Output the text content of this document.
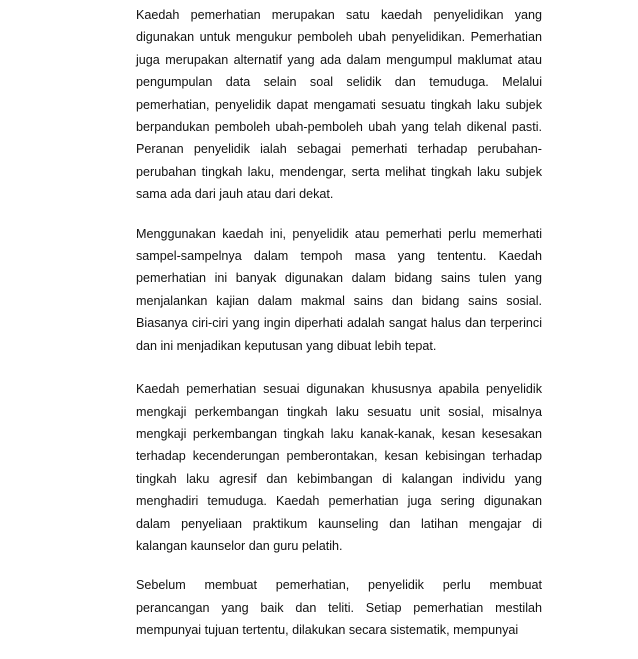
Kaedah pemerhatian merupakan satu kaedah penyelidikan yang digunakan untuk mengukur pemboleh ubah penyelidikan. Pemerhatian juga merupakan alternatif yang ada dalam mengumpul maklumat atau pengumpulan data selain soal selidik dan temuduga. Melalui pemerhatian, penyelidik dapat mengamati sesuatu tingkah laku subjek berpandukan pemboleh ubah-pemboleh ubah yang telah dikenal pasti. Peranan penyelidik ialah sebagai pemerhati terhadap perubahan-perubahan tingkah laku, mendengar, serta melihat tingkah laku subjek sama ada dari jauh atau dari dekat.

Menggunakan kaedah ini, penyelidik atau pemerhati perlu memerhati sampel-sampelnya dalam tempoh masa yang tententu. Kaedah pemerhatian ini banyak digunakan dalam bidang sains tulen yang menjalankan kajian dalam makmal sains dan bidang sains sosial. Biasanya ciri-ciri yang ingin diperhati adalah sangat halus dan terperinci dan ini menjadikan keputusan yang dibuat lebih tepat.

Kaedah pemerhatian sesuai digunakan khususnya apabila penyelidik mengkaji perkembangan tingkah laku sesuatu unit sosial, misalnya mengkaji perkembangan tingkah laku kanak-kanak, kesan kesesakan terhadap kecenderungan pemberontakan, kesan kebisingan terhadap tingkah laku agresif dan kebimbangan di kalangan individu yang menghadiri temuduga. Kaedah pemerhatian juga sering digunakan dalam penyeliaan praktikum kaunseling dan latihan mengajar di kalangan kaunselor dan guru pelatih.

Sebelum membuat pemerhatian, penyelidik perlu membuat perancangan yang baik dan teliti. Setiap pemerhatian mestilah mempunyai tujuan tertentu, dilakukan secara sistematik, mempunyai
